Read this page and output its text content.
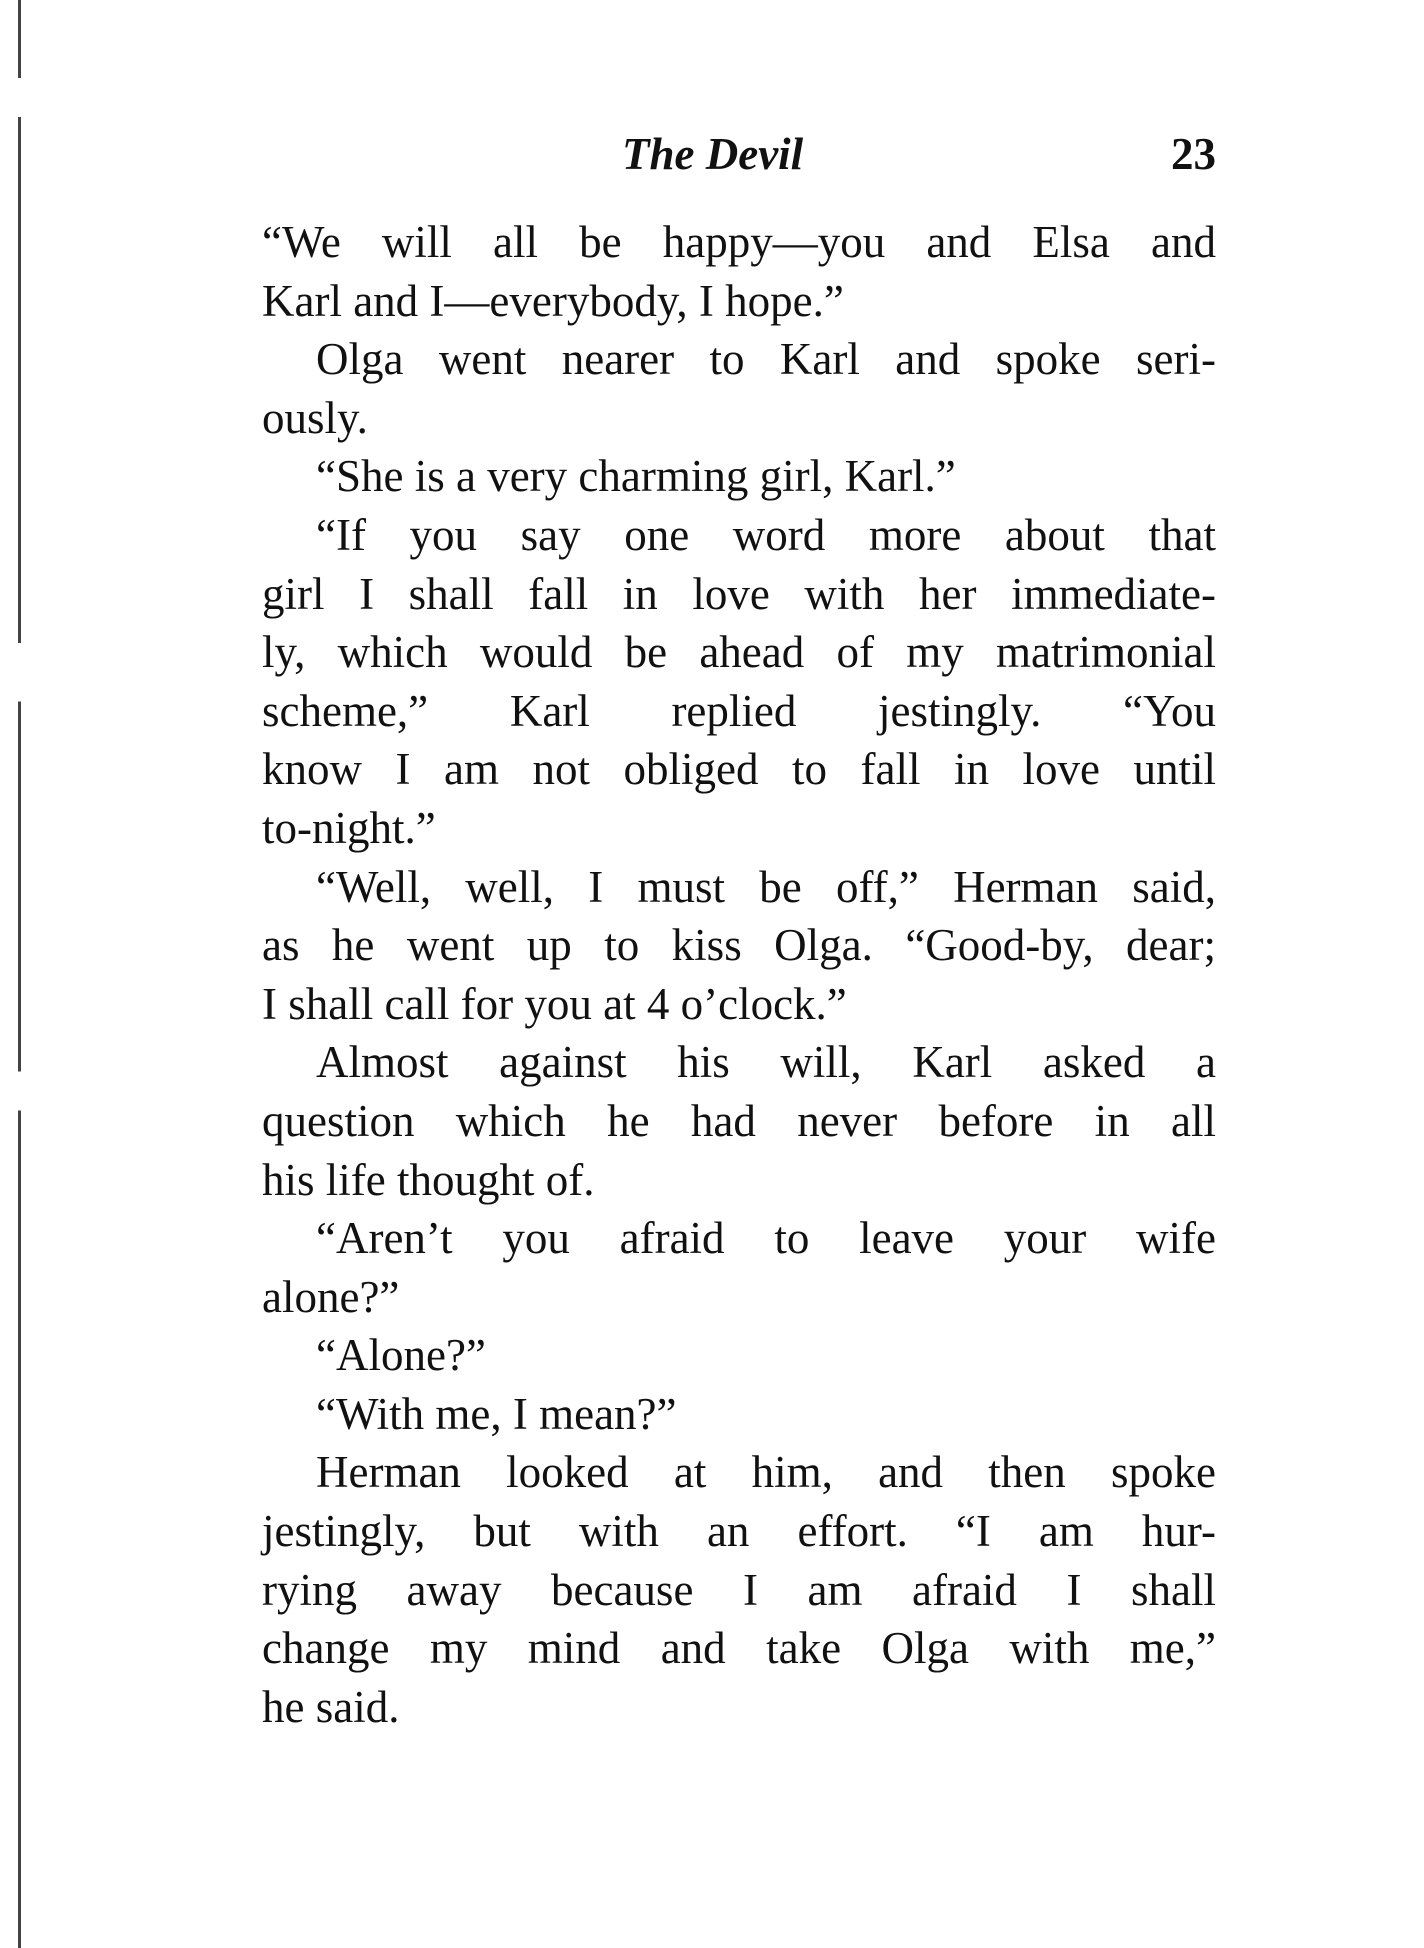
The Devil	23
“We will all be happy—you and Elsa and
Karl and I—everybody, I hope.”
Olga went nearer to Karl and spoke seri-
ously.
“She is a very charming girl, Karl.”
“If you say one word more about that
girl I shall fall in love with her immediate-
ly, which would be ahead of my matrimonial
scheme,” Karl replied jestingly. “You
know I am not obliged to fall in love until
to-night.”
“Well, well, I must be off,” Herman said,
as he went up to kiss Olga. “Good-by, dear;
I shall call for you at 4 o’clock.”
Almost against his will, Karl asked a
question which he had never before in all
his life thought of.
“Aren’t you afraid to leave your wife
alone?”
“Alone?”
“With me, I mean?”
Herman looked at him, and then spoke
jestingly, but with an effort. “I am hur-
rying away because I am afraid I shall
change my mind and take Olga with me,”
he said.
